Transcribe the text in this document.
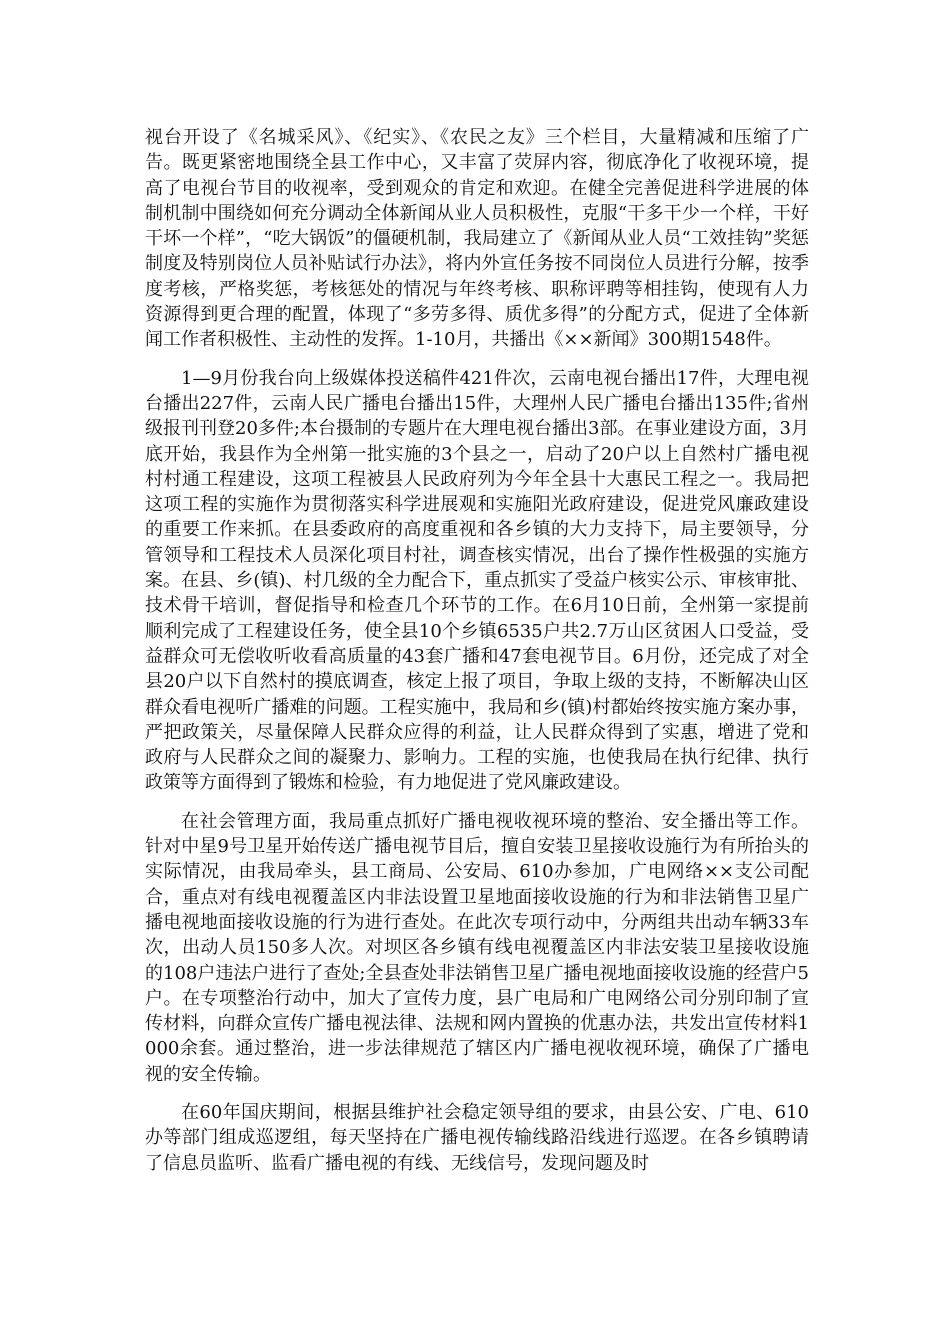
视台开设了《名城采风》、《纪实》、《农民之友》三个栏目，大量精减和压缩了广告。既更紧密地围绕全县工作中心，又丰富了荧屏内容，彻底净化了收视环境，提高了电视台节目的收视率，受到观众的肯定和欢迎。在健全完善促进科学进展的体制机制中围绕如何充分调动全体新闻从业人员积极性，克服“干多干少一个样，干好干坏一个样”，“吃大锅饭”的僵硬机制，我局建立了《新闻从业人员“工效挂钩”奖惩制度及特别岗位人员补贴试行办法》，将内外宣任务按不同岗位人员进行分解，按季度考核，严格奖惩，考核惩处的情况与年终考核、职称评聘等相挂钩，使现有人力资源得到更合理的配置，体现了“多劳多得、质优多得”的分配方式，促进了全体新闻工作者积极性、主动性的发挥。1-10月，共播出《××新闻》300期1548件。

1—9月份我台向上级媒体投送稿件421件次，云南电视台播出17件，大理电视台播出227件，云南人民广播电台播出15件，大理州人民广播电台播出135件;省州级报刊刊登20多件;本台摄制的专题片在大理电视台播出3部。在事业建设方面，3月底开始，我县作为全州第一批实施的3个县之一，启动了20户以上自然村广播电视村村通工程建设，这项工程被县人民政府列为今年全县十大惠民工程之一。我局把这项工程的实施作为贯彻落实科学进展观和实施阳光政府建设，促进党风廉政建设的重要工作来抓。在县委政府的高度重视和各乡镇的大力支持下，局主要领导，分管领导和工程技术人员深化项目村社，调查核实情况，出台了操作性极强的实施方案。在县、乡(镇)、村几级的全力配合下，重点抓实了受益户核实公示、审核审批、技术骨干培训，督促指导和检查几个环节的工作。在6月10日前，全州第一家提前顺利完成了工程建设任务，使全县10个乡镇6535户共2.7万山区贫困人口受益，受益群众可无偿收听收看高质量的43套广播和47套电视节目。6月份，还完成了对全县20户以下自然村的摸底调查，核定上报了项目，争取上级的支持，不断解决山区群众看电视听广播难的问题。工程实施中，我局和乡(镇)村都始终按实施方案办事，严把政策关，尽量保障人民群众应得的利益，让人民群众得到了实惠，增进了党和政府与人民群众之间的凝聚力、影响力。工程的实施，也使我局在执行纪律、执行政策等方面得到了锻炼和检验，有力地促进了党风廉政建设。

在社会管理方面，我局重点抓好广播电视收视环境的整治、安全播出等工作。针对中星9号卫星开始传送广播电视节目后，擅自安装卫星接收设施行为有所抬头的实际情况，由我局牵头，县工商局、公安局、610办参加，广电网络××支公司配合，重点对有线电视覆盖区内非法设置卫星地面接收设施的行为和非法销售卫星广播电视地面接收设施的行为进行查处。在此次专项行动中，分两组共出动车辆33车次，出动人员150多人次。对坝区各乡镇有线电视覆盖区内非法安装卫星接收设施的108户违法户进行了查处;全县查处非法销售卫星广播电视地面接收设施的经营户5户。在专项整治行动中，加大了宣传力度，县广电局和广电网络公司分别印制了宣传材料，向群众宣传广播电视法律、法规和网内置换的优惠办法，共发出宣传材料1000余套。通过整治，进一步法律规范了辖区内广播电视收视环境，确保了广播电视的安全传输。

在60年国庆期间，根据县维护社会稳定领导组的要求，由县公安、广电、610办等部门组成巡逻组，每天坚持在广播电视传输线路沿线进行巡逻。在各乡镇聘请了信息员监听、监看广播电视的有线、无线信号，发现问题及时
